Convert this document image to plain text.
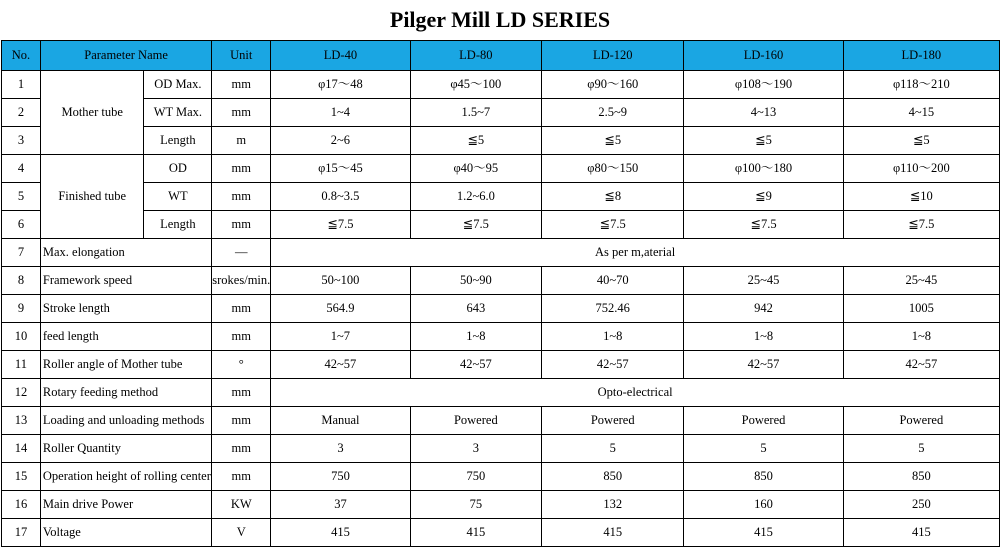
Pilger Mill LD SERIES
No.	Parameter Name		Unit	LD-40	LD-80	LD-120	LD-160	LD-180
1	Mother tube	OD Max.	mm	φ17～48	φ45～100	φ90～160	φ108～190	φ118～210
2		WT Max.	mm	1~4	1.5~7	2.5~9	4~13	4~15
3		Length	m	2~6	≦5	≦5	≦5	≦5
4	Finished tube	OD	mm	φ15～45	φ40～95	φ80～150	φ100～180	φ110～200
5		WT	mm	0.8~3.5	1.2~6.0	≦8	≦9	≦10
6		Length	mm	≦7.5	≦7.5	≦7.5	≦7.5	≦7.5
7	Max. elongation		—	As per m,aterial				
8	Framework speed		srokes/min.	50~100	50~90	40~70	25~45	25~45
9	Stroke length		mm	564.9	643	752.46	942	1005
10	feed length		mm	1~7	1~8	1~8	1~8	1~8
11	Roller angle of Mother tube		°	42~57	42~57	42~57	42~57	42~57
12	Rotary feeding method		mm	Opto-electrical				
13	Loading and unloading methods		mm	Manual	Powered	Powered	Powered	Powered
14	Roller Quantity		mm	3	3	5	5	5
15	Operation height of rolling center		mm	750	750	850	850	850
16	Main drive Power		KW	37	75	132	160	250
17	Voltage		V	415	415	415	415	415
